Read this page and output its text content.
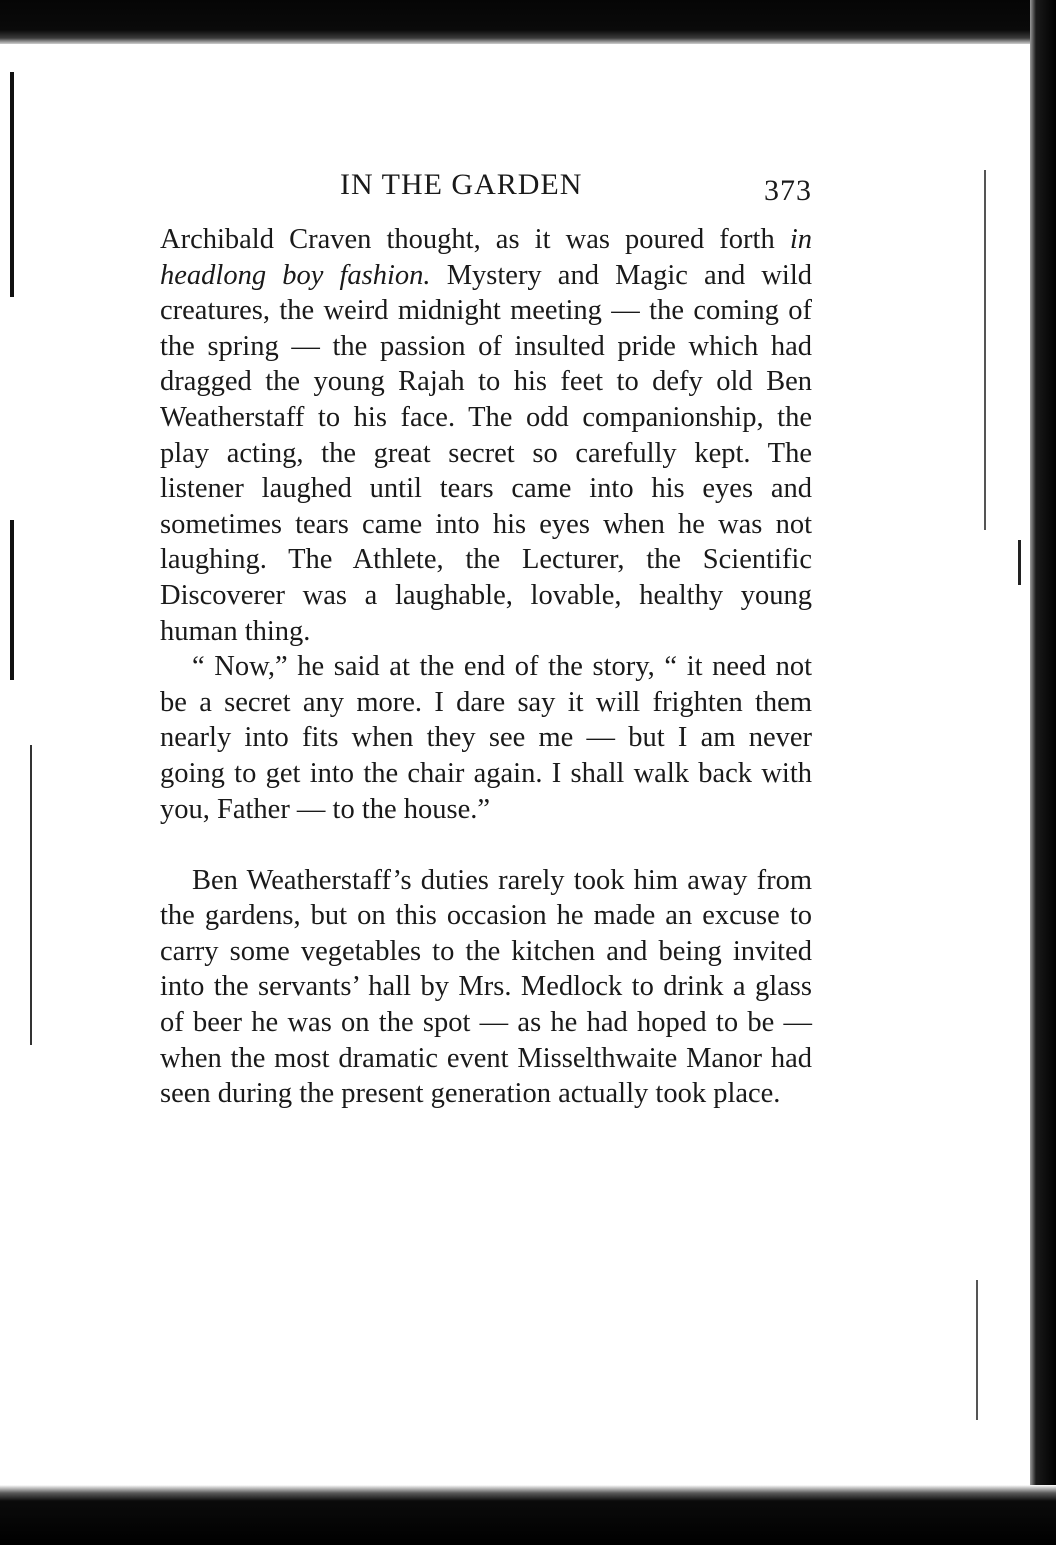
IN THE GARDEN	373

Archibald Craven thought, as it was poured forth in headlong boy fashion. Mystery and Magic and wild creatures, the weird midnight meeting — the coming of the spring — the passion of insulted pride which had dragged the young Rajah to his feet to defy old Ben Weatherstaff to his face. The odd companionship, the play acting, the great secret so carefully kept. The listener laughed until tears came into his eyes and sometimes tears came into his eyes when he was not laughing. The Athlete, the Lecturer, the Scientific Discoverer was a laughable, lovable, healthy young human thing.

“ Now,” he said at the end of the story, “ it need not be a secret any more. I dare say it will frighten them nearly into fits when they see me — but I am never going to get into the chair again. I shall walk back with you, Father — to the house.”

Ben Weatherstaff’s duties rarely took him away from the gardens, but on this occasion he made an excuse to carry some vegetables to the kitchen and being invited into the servants’ hall by Mrs. Medlock to drink a glass of beer he was on the spot — as he had hoped to be — when the most dramatic event Misselthwaite Manor had seen during the present generation actually took place.
